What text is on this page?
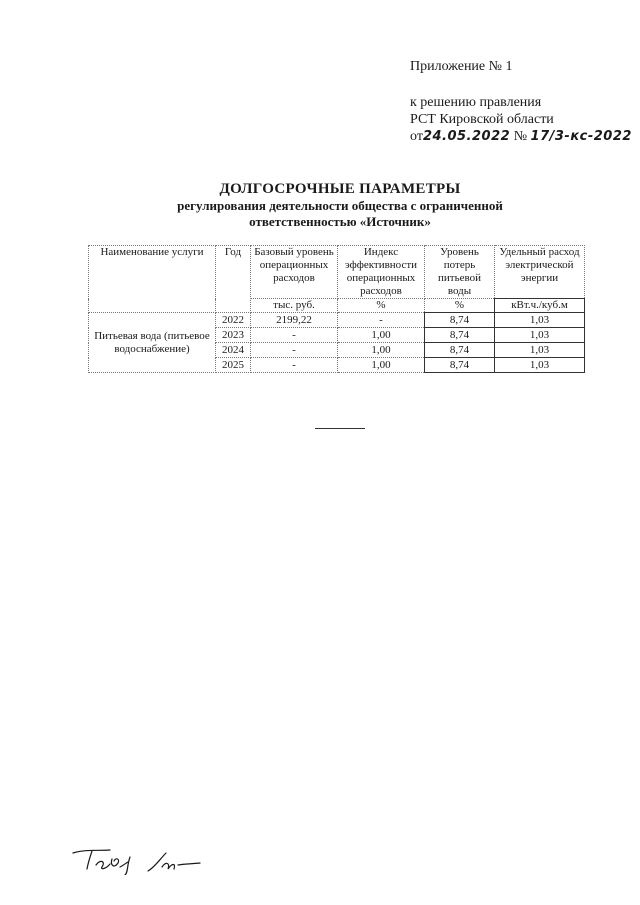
Приложение № 1
к решению правления
РСТ Кировской области
от24.05.2022 № 17/3-кс-2022
ДОЛГОСРОЧНЫЕ ПАРАМЕТРЫ
регулирования деятельности общества с ограниченной
ответственностью «Источник»
Наименование услуги	Год	Базовый уровень операционных расходов	Индекс эффективности операционных расходов	Уровень потерь питьевой воды	Удельный расход электрической энергии
		тыс. руб.	%	%	кВт.ч./куб.м
Питьевая вода (питьевое водоснабжение)	2022	2199,22	-	8,74	1,03
	2023	-	1,00	8,74	1,03
	2024	-	1,00	8,74	1,03
	2025	-	1,00	8,74	1,03
